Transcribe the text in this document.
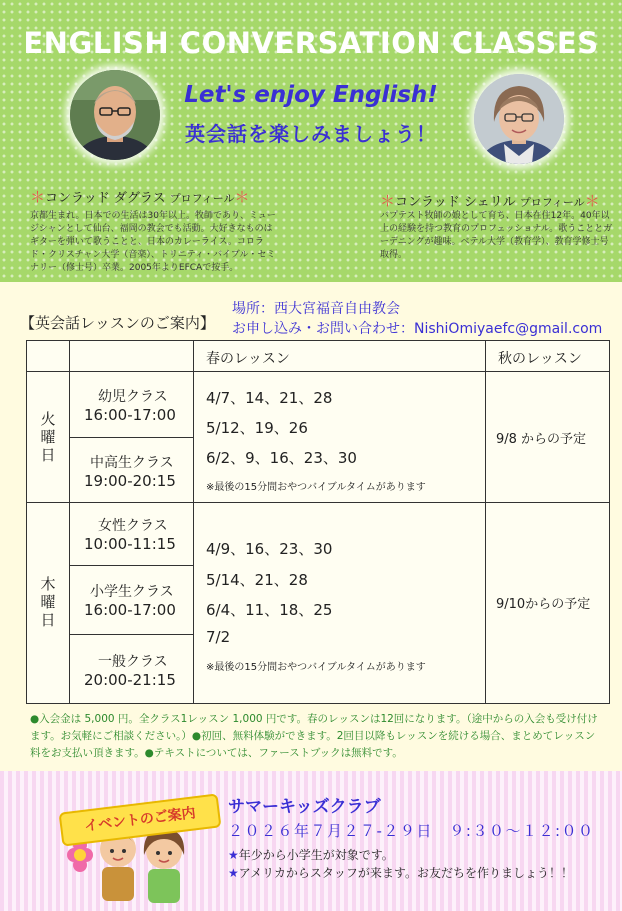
ENGLISH CONVERSATION CLASSES
Let's enjoy English!
英会話を楽しみましょう！
＊コンラッド ダグラス プロフィール＊
京都生まれ。日本での生活は30年以上。牧師であり、ミュージシャンとして仙台、福岡の教会でも活動。大好きなものはギターを弾いて歌うことと、日本のカレーライス。コロラド・クリスチャン大学（音楽）、トリニティ・バイブル・セミナリー（修士号）卒業。2005年よりEFCAで按手。
＊コンラッド シェリル プロフィール＊
バプテスト牧師の娘として育ち、日本在住12年。40年以上の経験を持つ教育のプロフェッショナル。歌うこととガーデニングが趣味。ベテル大学（教育学）、教育学修士号取得。
【英会話レッスンのご案内】
場所：西大宮福音自由教会
お申し込み・お問い合わせ：NishiOmiyaefc@gmail.com
春のレッスン	秋のレッスン
火
曜
日
幼児クラス
16:00-17:00
中高生クラス
19:00-20:15
4/7、14、21、28
5/12、19、26
6/2、9、16、23、30
※最後の15分間おやつバイブルタイムがあります
9/8 からの予定
木
曜
日
女性クラス
10:00-11:15
小学生クラス
16:00-17:00
一般クラス
20:00-21:15
4/9、16、23、30
5/14、21、28
6/4、11、18、25
7/2
※最後の15分間おやつバイブルタイムがあります
9/10からの予定
●入会金は 5,000 円。全クラス1レッスン 1,000 円です。春のレッスンは12回になります。（途中からの入会も受け付けます。お気軽にご相談ください。）●初回、無料体験ができます。2回目以降もレッスンを続ける場合、まとめてレッスン料をお支払い頂きます。●テキストについては、ファーストブックは無料です。
イベントのご案内	サマーキッズクラブ
２０２６年７月２７-２９日　９:３０～１２:００
★年少から小学生が対象です。
★アメリカからスタッフが来ます。お友だちを作りましょう！！
